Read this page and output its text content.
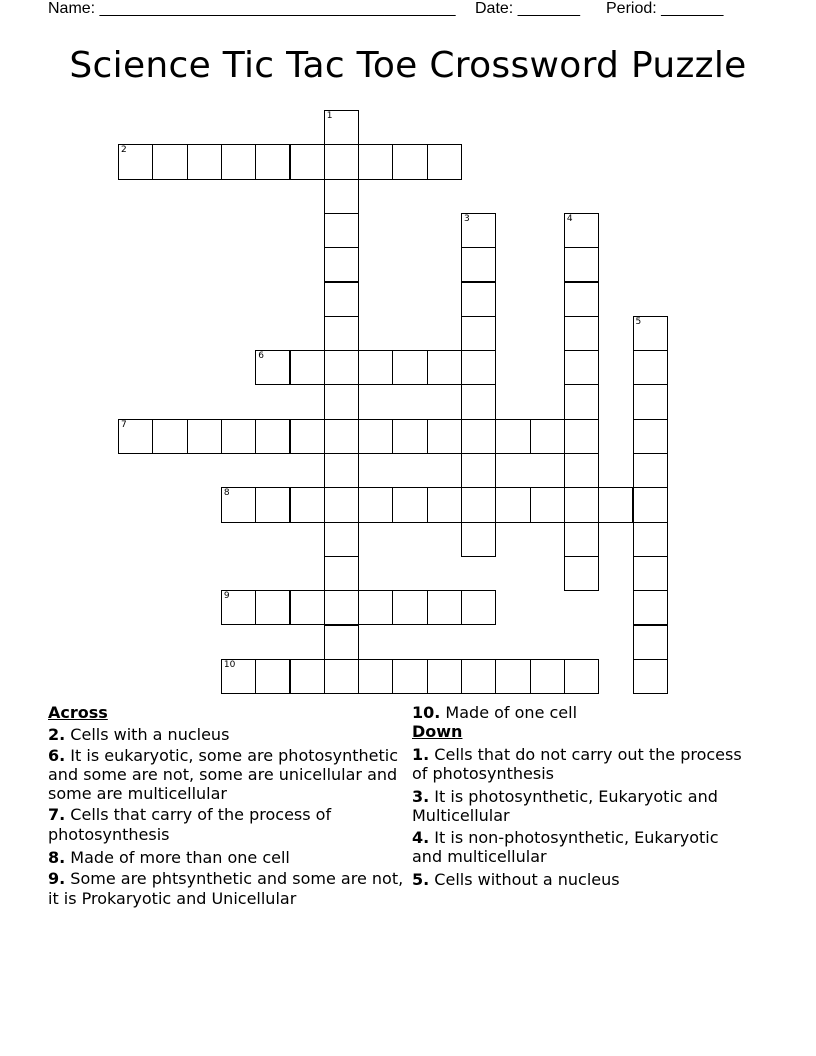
Name: ________________________________________ Date: _______ Period: _______
Science Tic Tac Toe Crossword Puzzle
1
2
3	4
5
6
7
8
9
10
Across
2. Cells with a nucleus
6. It is eukaryotic, some are photosynthetic and some are not, some are unicellular and some are multicellular
7. Cells that carry of the process of photosynthesis
8. Made of more than one cell
9. Some are phtsynthetic and some are not, it is Prokaryotic and Unicellular
10. Made of one cell
Down
1. Cells that do not carry out the process of photosynthesis
3. It is photosynthetic, Eukaryotic and Multicellular
4. It is non-photosynthetic, Eukaryotic and multicellular
5. Cells without a nucleus
